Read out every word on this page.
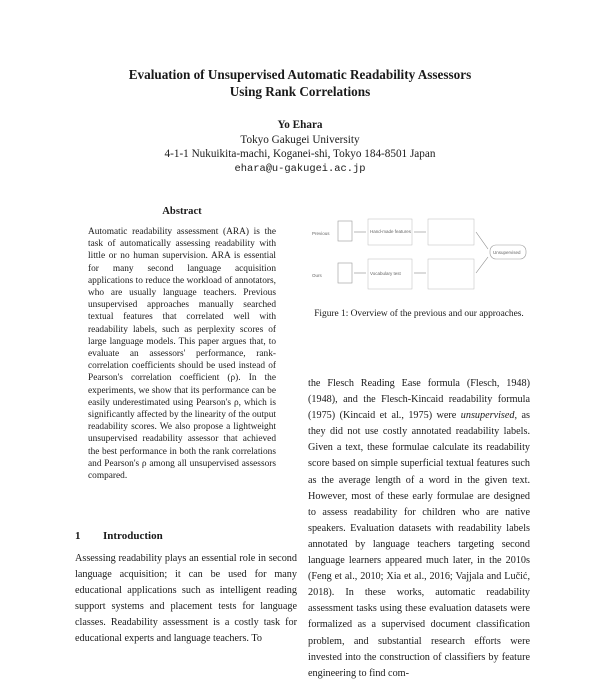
Evaluation of Unsupervised Automatic Readability Assessors
Using Rank Correlations
Yo Ehara
Tokyo Gakugei University
4-1-1 Nukuikita-machi, Koganei-shi, Tokyo 184-8501 Japan
ehara@u-gakugei.ac.jp
Abstract
Automatic readability assessment (ARA) is the task of automatically assessing readability with little or no human supervision. ARA is essential for many second language acquisition applications to reduce the workload of annotators, who are usually language teachers. Previous unsupervised approaches manually searched textual features that correlated well with readability labels, such as perplexity scores of large language models. This paper argues that, to evaluate an assessors' performance, rank-correlation coefficients should be used instead of Pearson's correlation coefficient (ρ). In the experiments, we show that its performance can be easily underestimated using Pearson's ρ, which is significantly affected by the linearity of the output readability scores. We also propose a lightweight unsupervised readability assessor that achieved the best performance in both the rank correlations and Pearson's ρ among all unsupervised assessors compared.
Previous	Hand-made features
Ours	Vocabulary test
Unsupervised
Figure 1: Overview of the previous and our approaches.
the Flesch Reading Ease formula (Flesch, 1948) (1948), and the Flesch-Kincaid readability formula (1975) (Kincaid et al., 1975) were unsupervised, as they did not use costly annotated readability labels. Given a text, these formulae calculate its readability score based on simple superficial textual features such as the average length of a word in the given text. However, most of these early formulae are designed to assess readability for children who are native speakers. Evaluation datasets with readability labels annotated by language teachers targeting second language learners appeared much later, in the 2010s (Feng et al., 2010; Xia et al., 2016; Vajjala and Lučić, 2018). In these works, automatic readability assessment tasks using these evaluation datasets were formalized as a supervised document classification problem, and substantial research efforts were invested into the construction of classifiers by feature engineering to find com-
1 Introduction
Assessing readability plays an essential role in second language acquisition; it can be used for many educational applications such as intelligent reading support systems and placement tests for language classes. Readability assessment is a costly task for educational experts and language teachers. To
